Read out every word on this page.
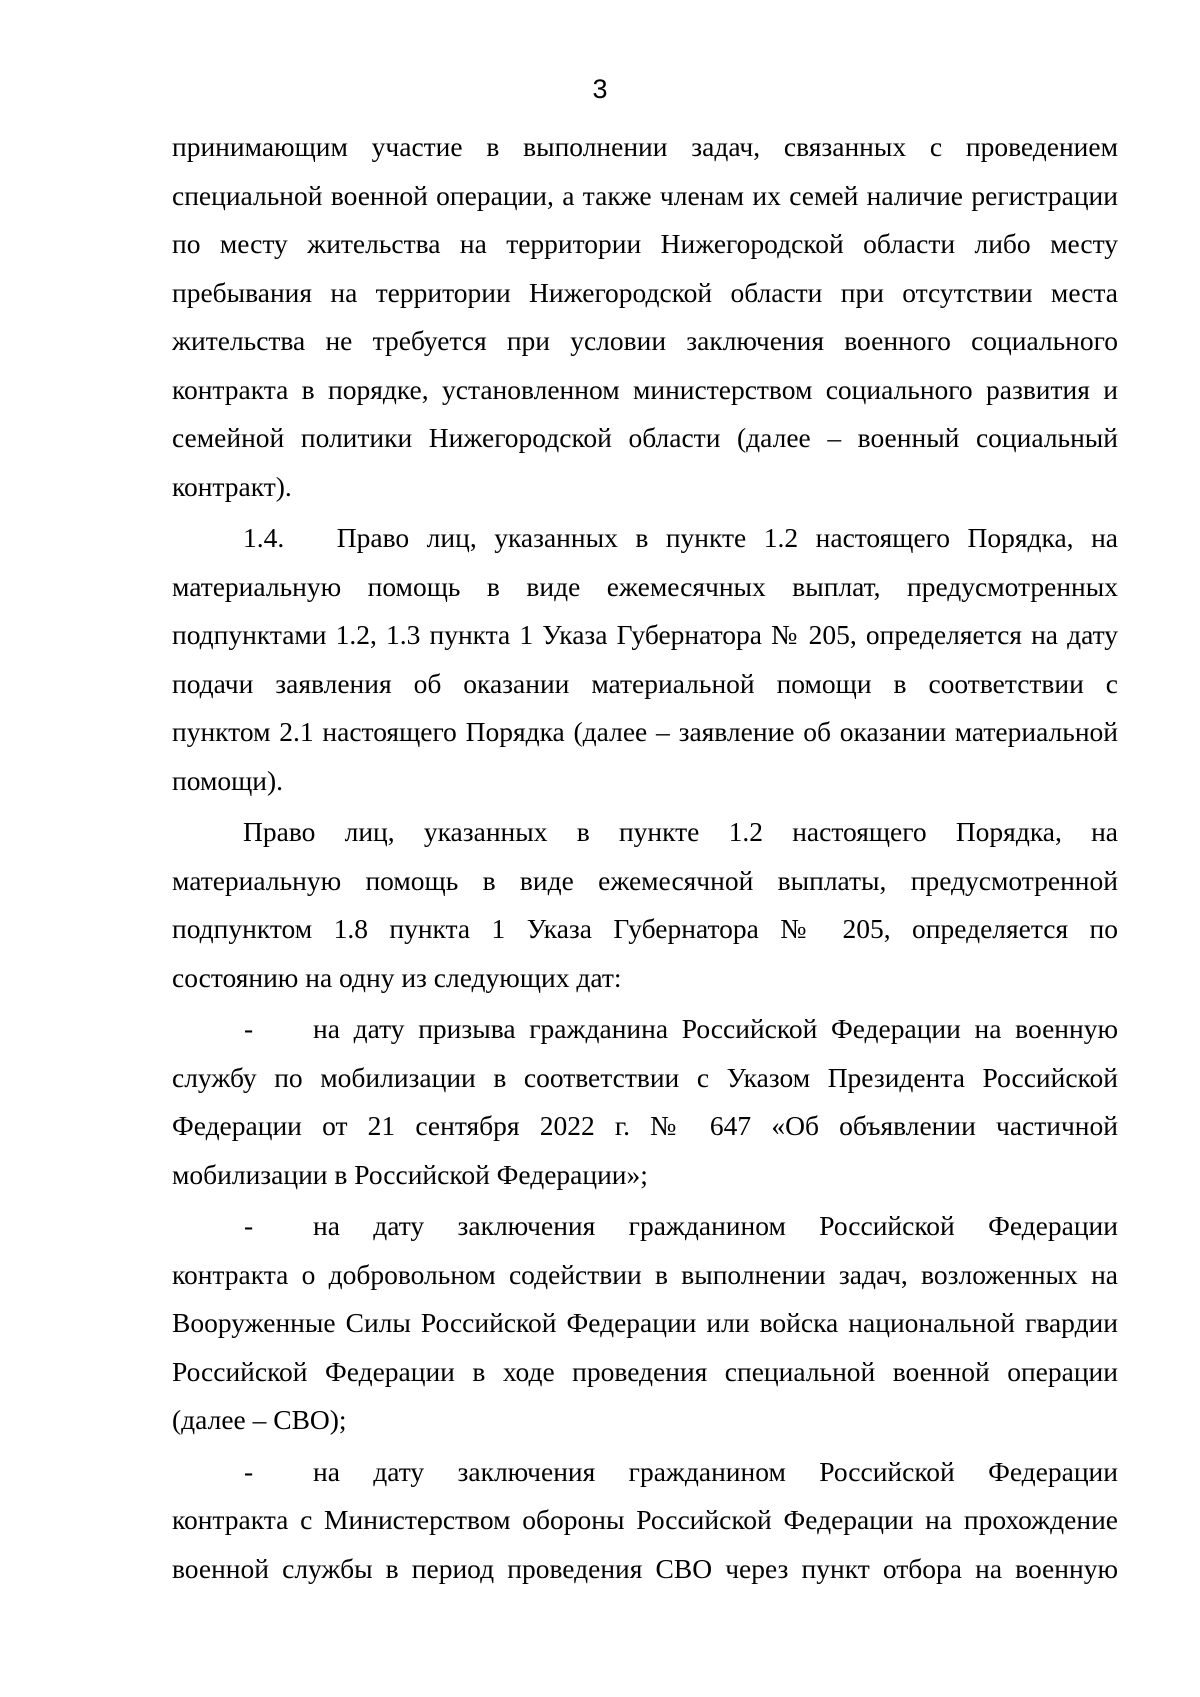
3
принимающим участие в выполнении задач, связанных с проведением
специальной военной операции, а также членам их семей наличие регистрации
по месту жительства на территории Нижегородской области либо месту
пребывания на территории Нижегородской области при отсутствии места
жительства не требуется при условии заключения военного социального
контракта в порядке, установленном министерством социального развития и
семейной политики Нижегородской области (далее – военный социальный
контракт).
1.4.   Право лиц, указанных в пункте 1.2 настоящего Порядка, на
материальную помощь в виде ежемесячных выплат, предусмотренных
подпунктами 1.2, 1.3 пункта 1 Указа Губернатора № 205, определяется на дату
подачи заявления об оказании материальной помощи в соответствии с
пунктом 2.1 настоящего Порядка (далее – заявление об оказании материальной
помощи).
Право лиц, указанных в пункте 1.2 настоящего Порядка, на
материальную помощь в виде ежемесячной выплаты, предусмотренной
подпунктом 1.8 пункта 1 Указа Губернатора № 205, определяется по
состоянию на одну из следующих дат:
-	на дату призыва гражданина Российской Федерации на военную
службу по мобилизации в соответствии с Указом Президента Российской
Федерации от 21 сентября 2022 г. № 647 «Об объявлении частичной
мобилизации в Российской Федерации»;
-	на дату заключения гражданином Российской Федерации
контракта о добровольном содействии в выполнении задач, возложенных на
Вооруженные Силы Российской Федерации или войска национальной гвардии
Российской Федерации в ходе проведения специальной военной операции
(далее – СВО);
-	на дату заключения гражданином Российской Федерации
контракта с Министерством обороны Российской Федерации на прохождение
военной службы в период проведения СВО через пункт отбора на военную
